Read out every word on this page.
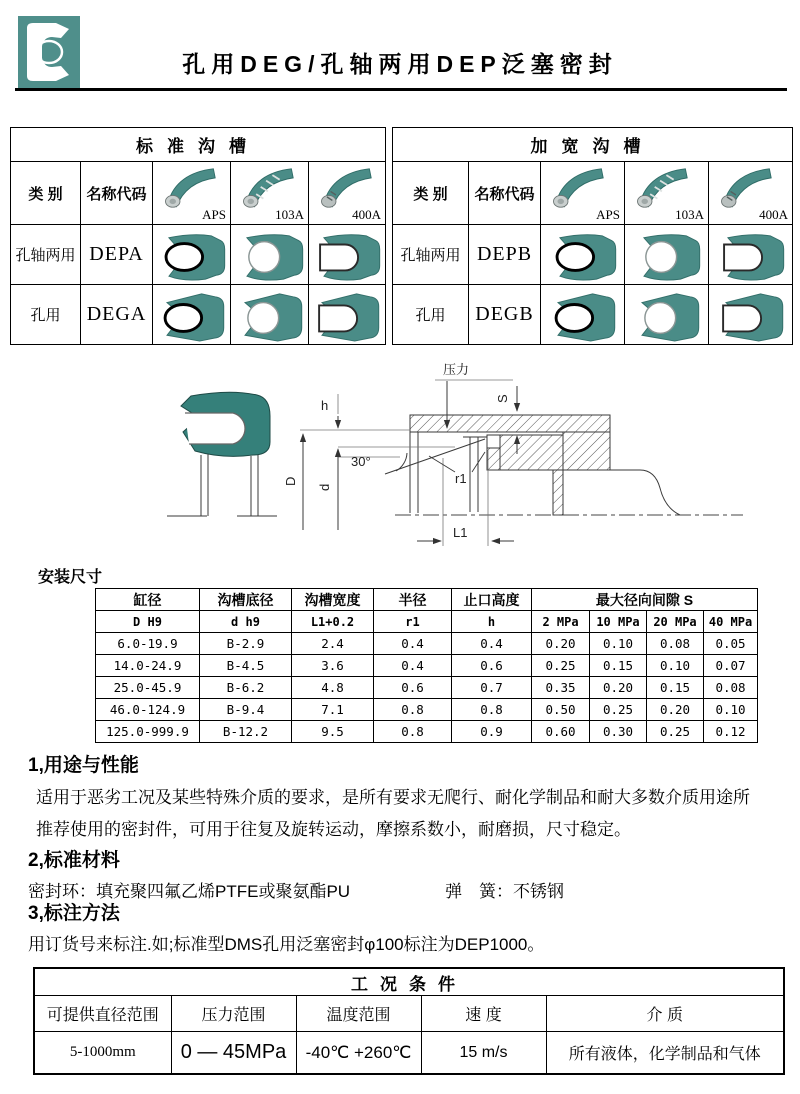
孔用DEG/孔轴两用DEP泛塞密封
标准沟槽				
类 别	名称代码	APS	103A	400A

孔轴两用	DEPA	

孔用	DEGA	

加宽沟槽				
类 别	名称代码	APS	103A	400A

孔轴两用	DEPB	

孔用	DEGB	

压力
S
h
30°
D
d
r1
L1
安装尺寸
缸径	沟槽底径	沟槽宽度	半径	止口高度	最大径向间隙 S			
D H9	d h9	L1+0.2	r1	h	2 MPa	10 MPa	20 MPa	40 MPa
6.0-19.9	B-2.9	2.4	0.4	0.4	0.20	0.10	0.08	0.05
14.0-24.9	B-4.5	3.6	0.4	0.6	0.25	0.15	0.10	0.07
25.0-45.9	B-6.2	4.8	0.6	0.7	0.35	0.20	0.15	0.08
46.0-124.9	B-9.4	7.1	0.8	0.8	0.50	0.25	0.20	0.10
125.0-999.9	B-12.2	9.5	0.8	0.9	0.60	0.30	0.25	0.12
1,用途与性能
适用于恶劣工况及某些特殊介质的要求，是所有要求无爬行、耐化学制品和耐大多数介质用途所
推荐使用的密封件，可用于往复及旋转运动，摩擦系数小，耐磨损，尺寸稳定。
2,标准材料
密封环：填充聚四氟乙烯PTFE或聚氨酯PU	弹　簧：不锈钢
3,标注方法
用订货号来标注.如;标准型DMS孔用泛塞密封φ100标注为DEP1000。
工况条件				
可提供直径范围	压力范围	温度范围	速 度	介 质
5-1000mm	0 — 45MPa	-40℃ +260℃	15 m/s	所有液体，化学制品和气体
